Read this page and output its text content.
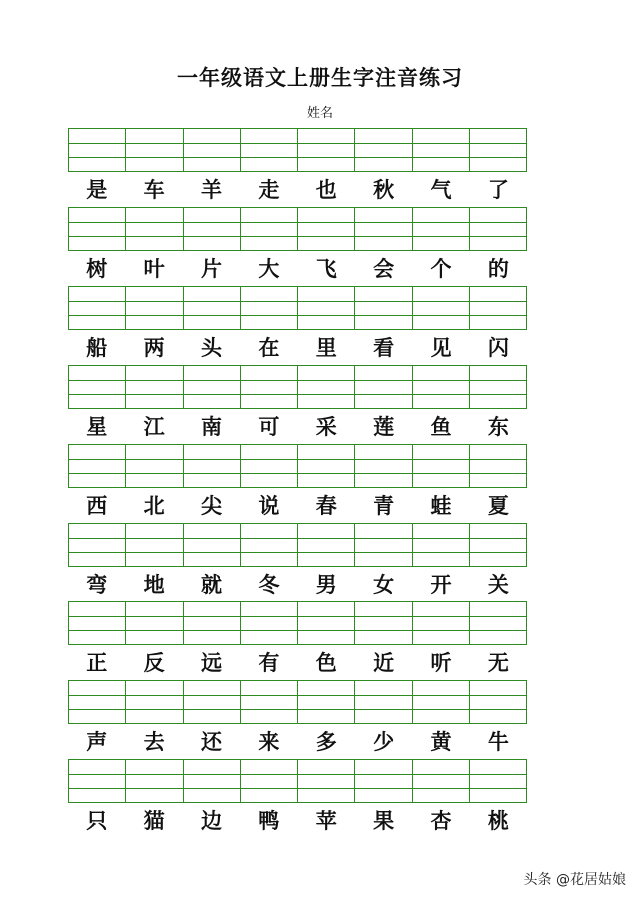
一年级语文上册生字注音练习
姓名
是	车	羊	走	也	秋	气	了
树	叶	片	大	飞	会	个	的
船	两	头	在	里	看	见	闪
星	江	南	可	采	莲	鱼	东
西	北	尖	说	春	青	蛙	夏
弯	地	就	冬	男	女	开	关
正	反	远	有	色	近	听	无
声	去	还	来	多	少	黄	牛
只	猫	边	鸭	苹	果	杏	桃
头条 @花居姑娘
